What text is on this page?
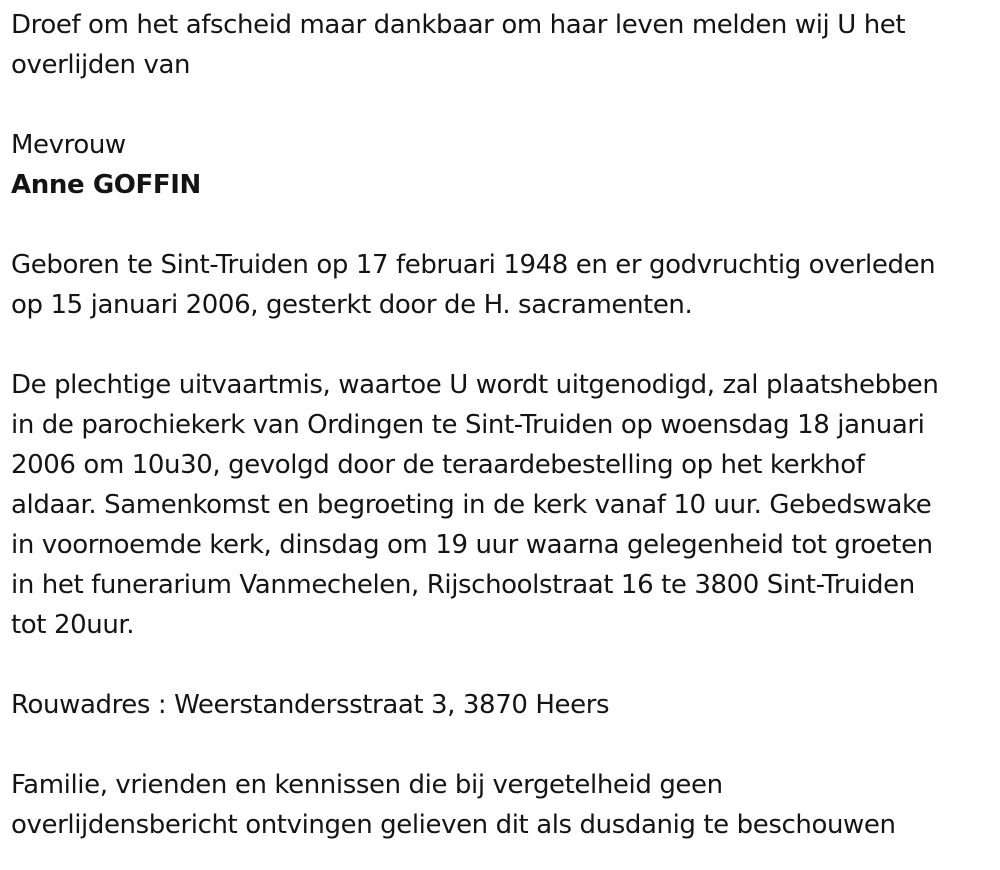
Droef om het afscheid maar dankbaar om haar leven melden wij U het
overlijden van

Mevrouw

Anne GOFFIN

Geboren te Sint-Truiden op 17 februari 1948 en er godvruchtig overleden
op 15 januari 2006, gesterkt door de H. sacramenten.

De plechtige uitvaartmis, waartoe U wordt uitgenodigd, zal plaatshebben
in de parochiekerk van Ordingen te Sint-Truiden op woensdag 18 januari
2006 om 10u30, gevolgd door de teraardebestelling op het kerkhof
aldaar. Samenkomst en begroeting in de kerk vanaf 10 uur. Gebedswake
in voornoemde kerk, dinsdag om 19 uur waarna gelegenheid tot groeten
in het funerarium Vanmechelen, Rijschoolstraat 16 te 3800 Sint-Truiden
tot 20uur.

Rouwadres : Weerstandersstraat 3, 3870 Heers

Familie, vrienden en kennissen die bij vergetelheid geen
overlijdensbericht ontvingen gelieven dit als dusdanig te beschouwen
